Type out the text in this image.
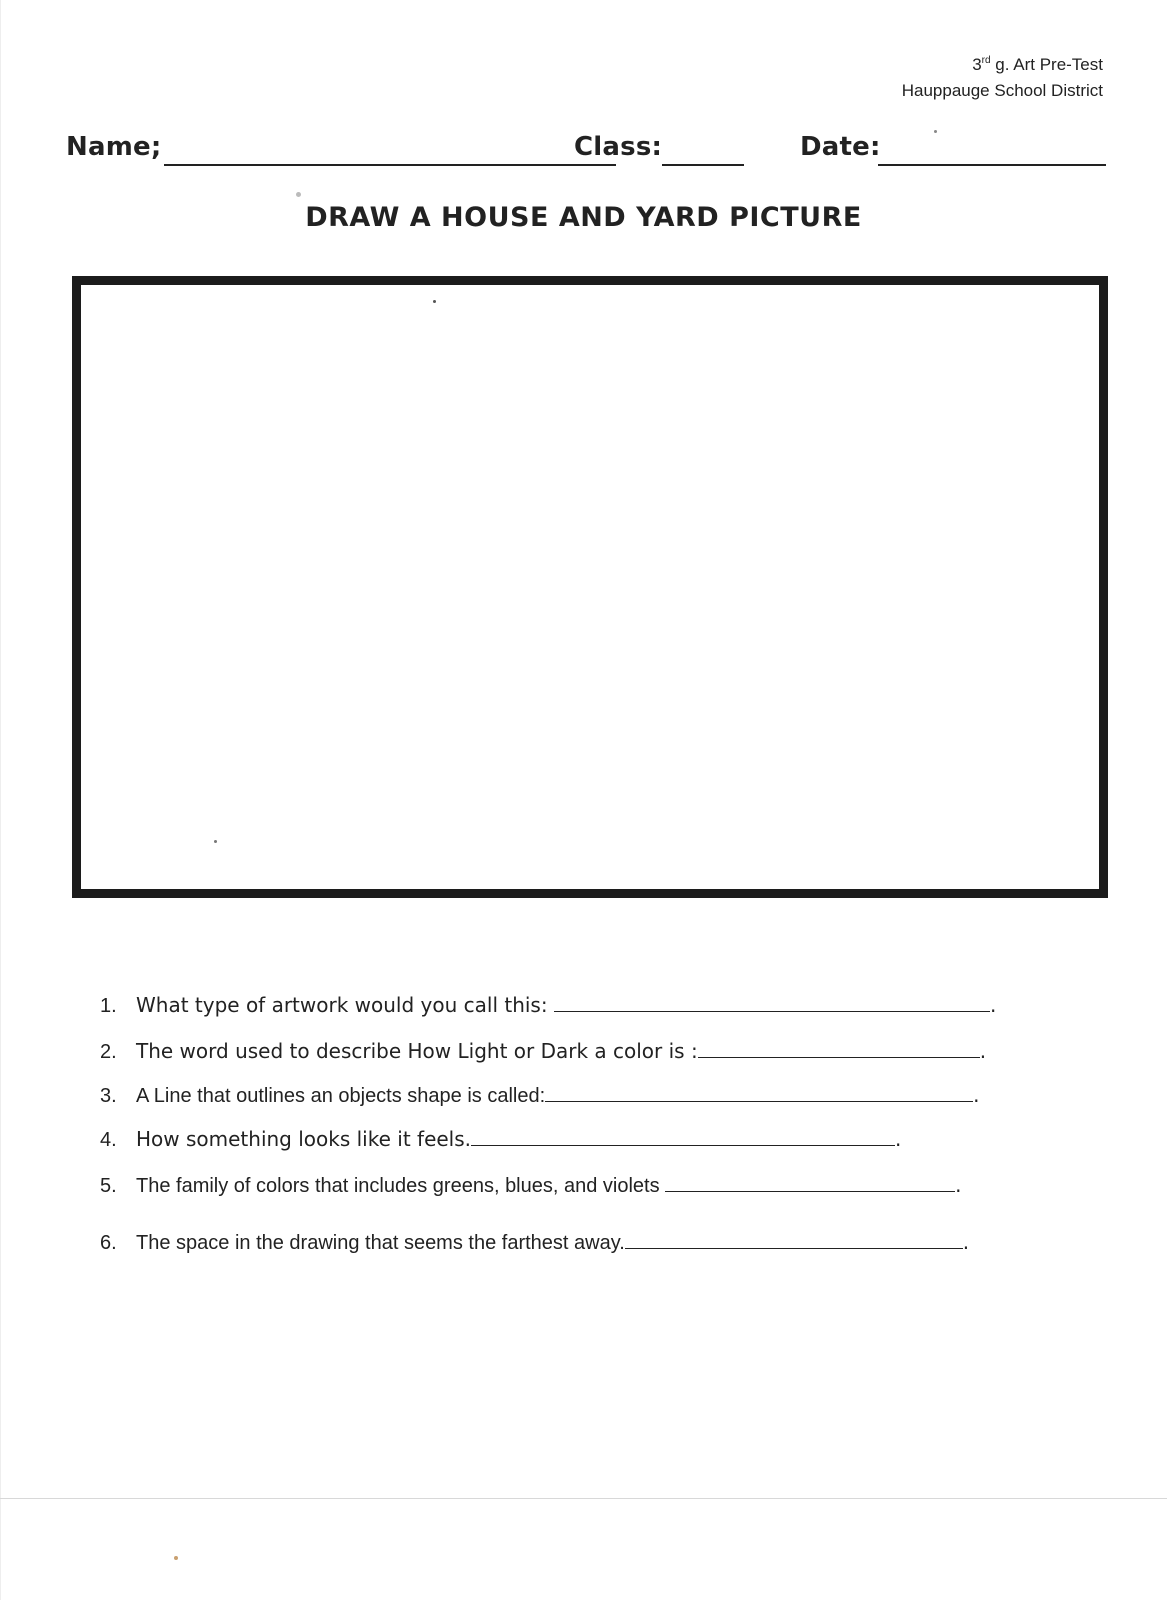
3rd g. Art Pre-Test
Hauppauge School District
Name;	Class:	Date:
DRAW A HOUSE AND YARD PICTURE
1. What type of artwork would you call this:	.
2. The word used to describe How Light or Dark a color is :	.
3. A Line that outlines an objects shape is called:	.
4. How something looks like it feels.	.
5. The family of colors that includes greens, blues, and violets	.
6. The space in the drawing that seems the farthest away.	.
